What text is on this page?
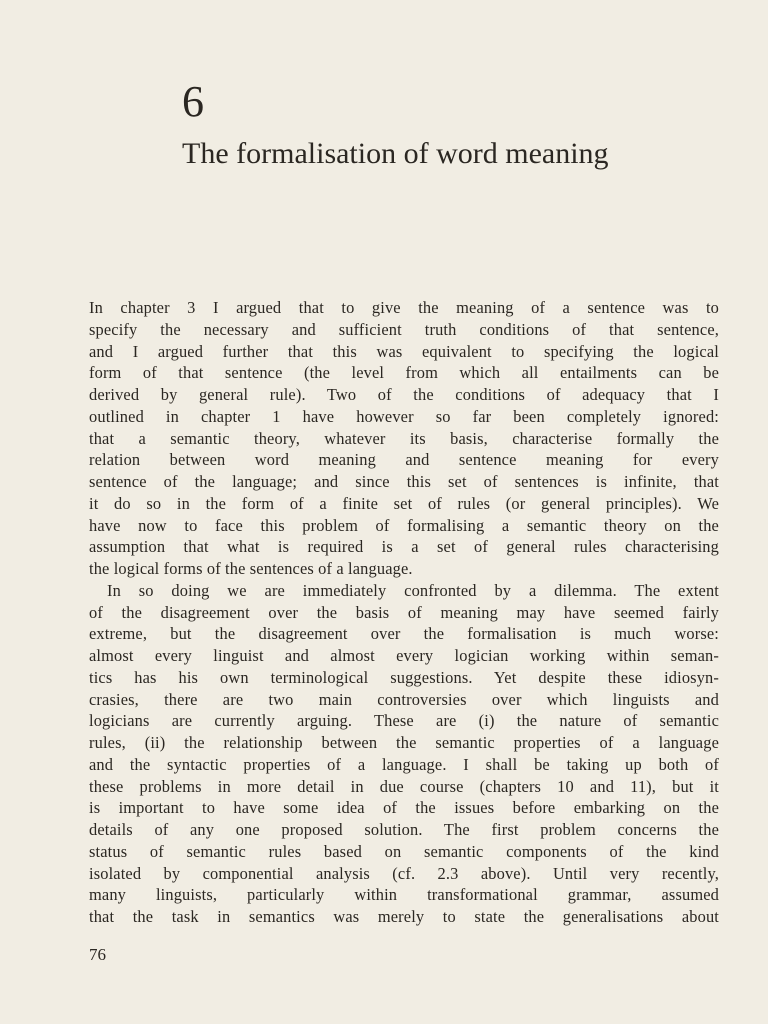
6
The formalisation of word meaning
In chapter 3 I argued that to give the meaning of a sentence was to
specify the necessary and sufficient truth conditions of that sentence,
and I argued further that this was equivalent to specifying the logical
form of that sentence (the level from which all entailments can be
derived by general rule). Two of the conditions of adequacy that I
outlined in chapter 1 have however so far been completely ignored:
that a semantic theory, whatever its basis, characterise formally the
relation between word meaning and sentence meaning for every
sentence of the language; and since this set of sentences is infinite, that
it do so in the form of a finite set of rules (or general principles). We
have now to face this problem of formalising a semantic theory on the
assumption that what is required is a set of general rules characterising
the logical forms of the sentences of a language.
In so doing we are immediately confronted by a dilemma. The extent
of the disagreement over the basis of meaning may have seemed fairly
extreme, but the disagreement over the formalisation is much worse:
almost every linguist and almost every logician working within seman-
tics has his own terminological suggestions. Yet despite these idiosyn-
crasies, there are two main controversies over which linguists and
logicians are currently arguing. These are (i) the nature of semantic
rules, (ii) the relationship between the semantic properties of a language
and the syntactic properties of a language. I shall be taking up both of
these problems in more detail in due course (chapters 10 and 11), but it
is important to have some idea of the issues before embarking on the
details of any one proposed solution. The first problem concerns the
status of semantic rules based on semantic components of the kind
isolated by componential analysis (cf. 2.3 above). Until very recently,
many linguists, particularly within transformational grammar, assumed
that the task in semantics was merely to state the generalisations about
76
